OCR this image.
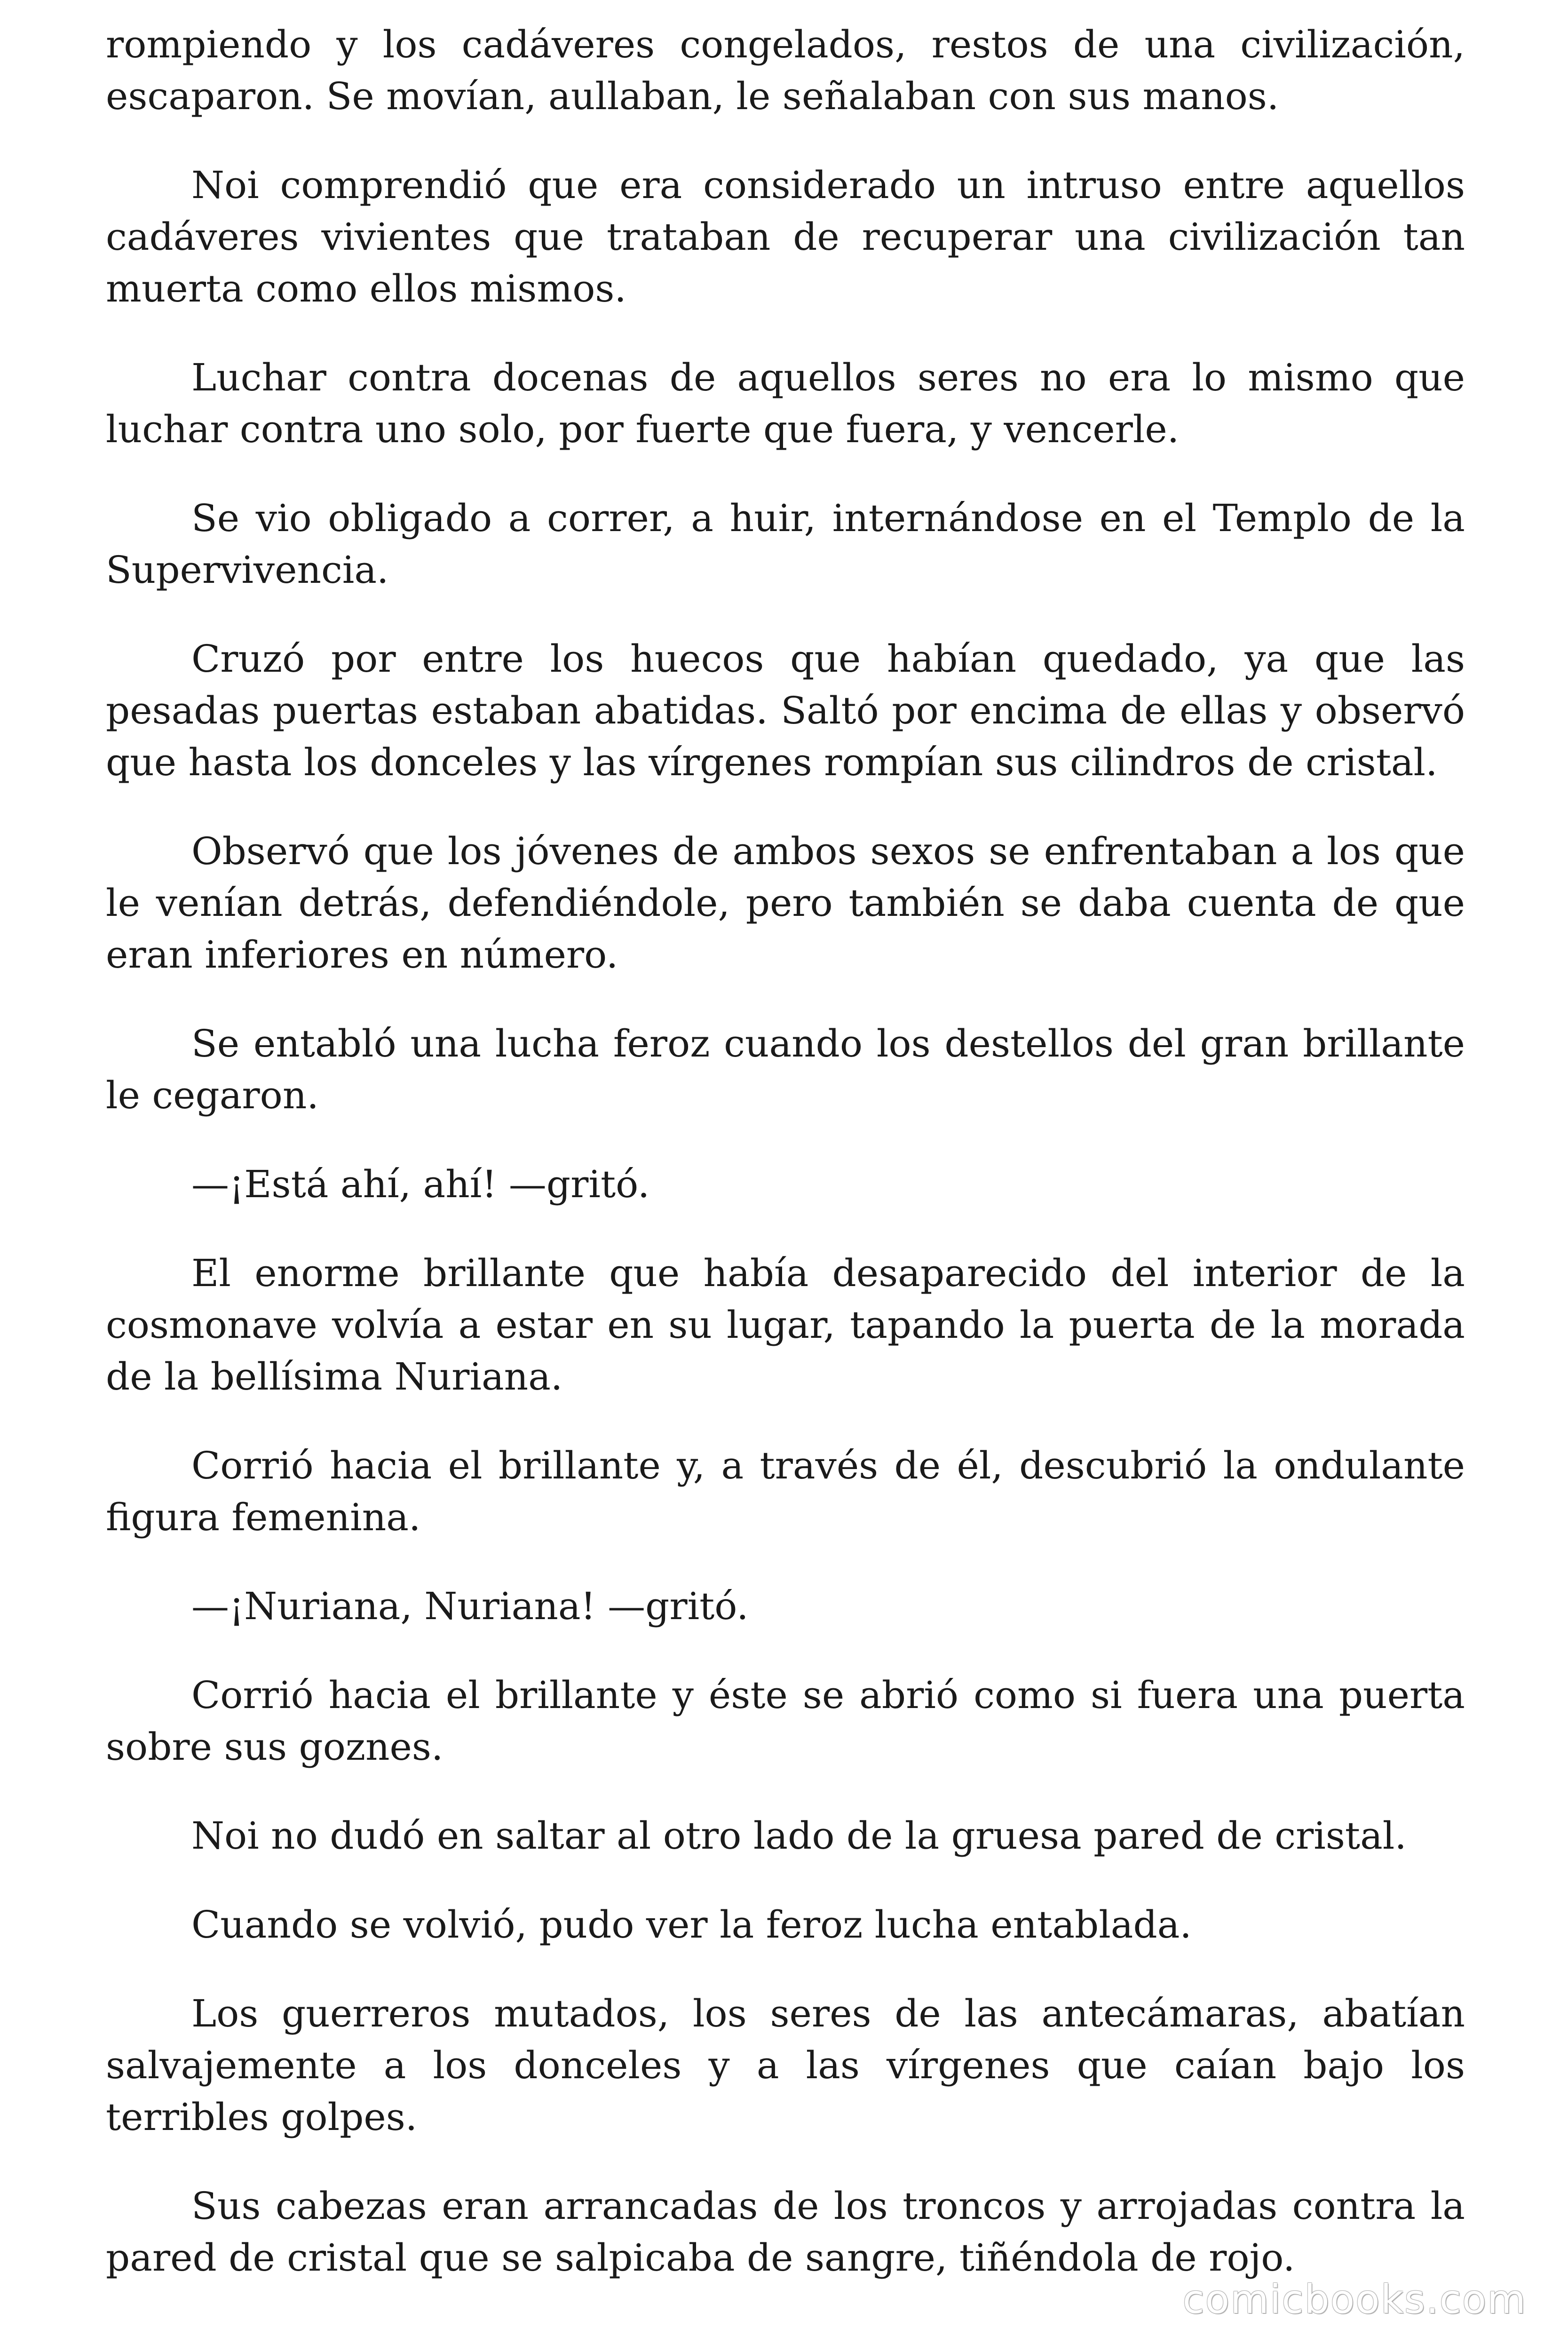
rompiendo y los cadáveres congelados, restos de una civilización, escaparon. Se movían, aullaban, le señalaban con sus manos.

Noi comprendió que era considerado un intruso entre aquellos cadáveres vivientes que trataban de recuperar una civilización tan muerta como ellos mismos.

Luchar contra docenas de aquellos seres no era lo mismo que luchar contra uno solo, por fuerte que fuera, y vencerle.

Se vio obligado a correr, a huir, internándose en el Templo de la Supervivencia.

Cruzó por entre los huecos que habían quedado, ya que las pesadas puertas estaban abatidas. Saltó por encima de ellas y observó que hasta los donceles y las vírgenes rompían sus cilindros de cristal.

Observó que los jóvenes de ambos sexos se enfrentaban a los que le venían detrás, defendiéndole, pero también se daba cuenta de que eran inferiores en número.

Se entabló una lucha feroz cuando los destellos del gran brillante le cegaron.

—¡Está ahí, ahí! —gritó.

El enorme brillante que había desaparecido del interior de la cosmonave volvía a estar en su lugar, tapando la puerta de la morada de la bellísima Nuriana.

Corrió hacia el brillante y, a través de él, descubrió la ondulante figura femenina.

—¡Nuriana, Nuriana! —gritó.

Corrió hacia el brillante y éste se abrió como si fuera una puerta sobre sus goznes.

Noi no dudó en saltar al otro lado de la gruesa pared de cristal.

Cuando se volvió, pudo ver la feroz lucha entablada.

Los guerreros mutados, los seres de las antecámaras, abatían salvajemente a los donceles y a las vírgenes que caían bajo los terribles golpes.

Sus cabezas eran arrancadas de los troncos y arrojadas contra la pared de cristal que se salpicaba de sangre, tiñéndola de rojo.

comicbooks.com
